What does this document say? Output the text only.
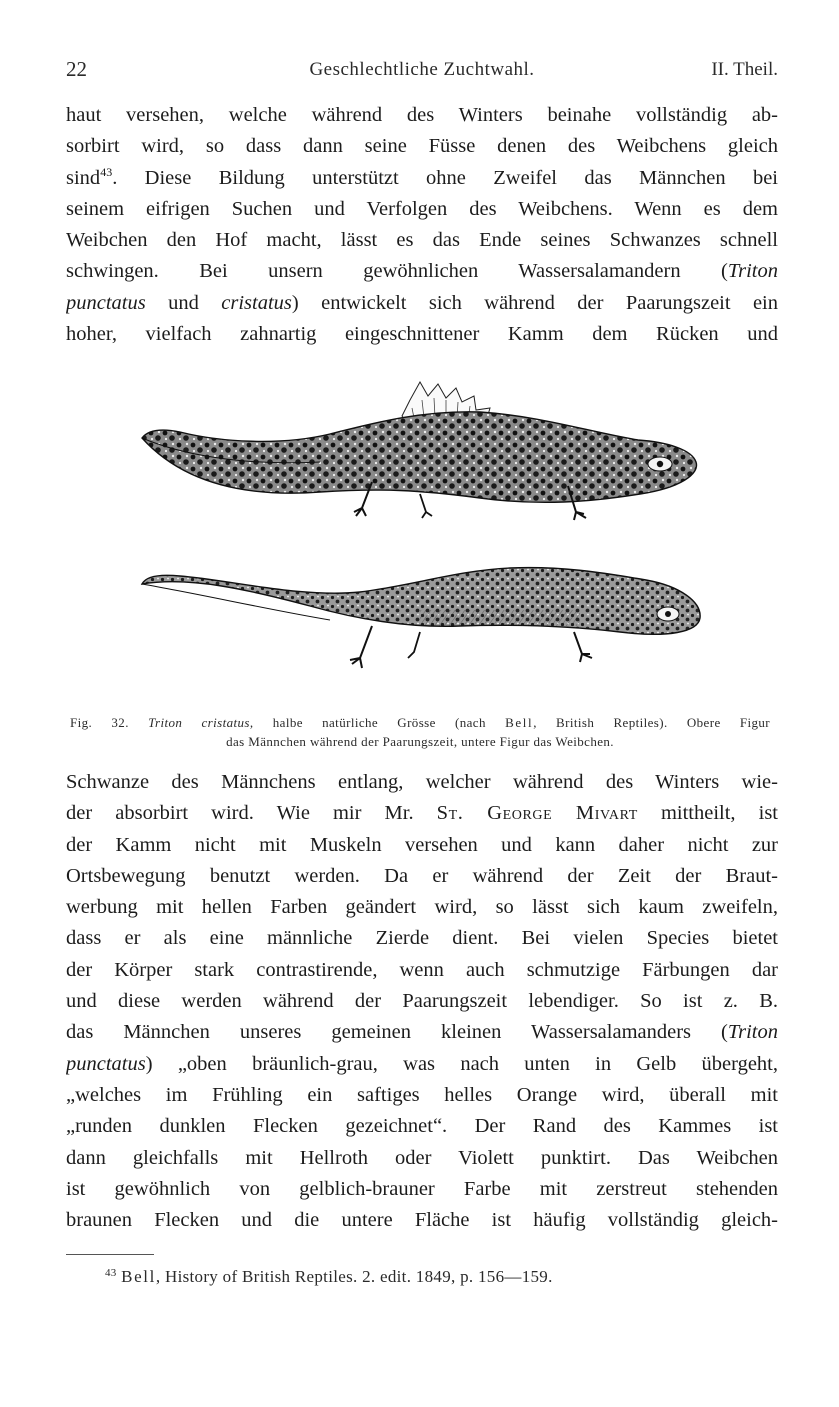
22	Geschlechtliche Zuchtwahl.	II. Theil.
haut versehen, welche während des Winters beinahe vollständig ab-
sorbirt wird, so dass dann seine Füsse denen des Weibchens gleich
sind$^{43}$. Diese Bildung unterstützt ohne Zweifel das Männchen bei
seinem eifrigen Suchen und Verfolgen des Weibchens. Wenn es dem
Weibchen den Hof macht, lässt es das Ende seines Schwanzes schnell
schwingen. Bei unsern gewöhnlichen Wassersalamandern (Triton
punctatus und cristatus) entwickelt sich während der Paarungszeit ein
hoher, vielfach zahnartig eingeschnittener Kamm dem Rücken und
Fig. 32. Triton cristatus, halbe natürliche Grösse (nach Bell, British Reptiles). Obere Figur
das Männchen während der Paarungszeit, untere Figur das Weibchen.
Schwanze des Männchens entlang, welcher während des Winters wie-
der absorbirt wird. Wie mir Mr. St. George Mivart mittheilt, ist
der Kamm nicht mit Muskeln versehen und kann daher nicht zur
Ortsbewegung benutzt werden. Da er während der Zeit der Braut-
werbung mit hellen Farben geändert wird, so lässt sich kaum zweifeln,
dass er als eine männliche Zierde dient. Bei vielen Species bietet
der Körper stark contrastirende, wenn auch schmutzige Färbungen dar
und diese werden während der Paarungszeit lebendiger. So ist z. B.
das Männchen unseres gemeinen kleinen Wassersalamanders (Triton
punctatus) „oben bräunlich-grau, was nach unten in Gelb übergeht,
„welches im Frühling ein saftiges helles Orange wird, überall mit
„runden dunklen Flecken gezeichnet“. Der Rand des Kammes ist
dann gleichfalls mit Hellroth oder Violett punktirt. Das Weibchen
ist gewöhnlich von gelblich-brauner Farbe mit zerstreut stehenden
braunen Flecken und die untere Fläche ist häufig vollständig gleich-
$^{43}$ Bell, History of British Reptiles. 2. edit. 1849, p. 156—159.
